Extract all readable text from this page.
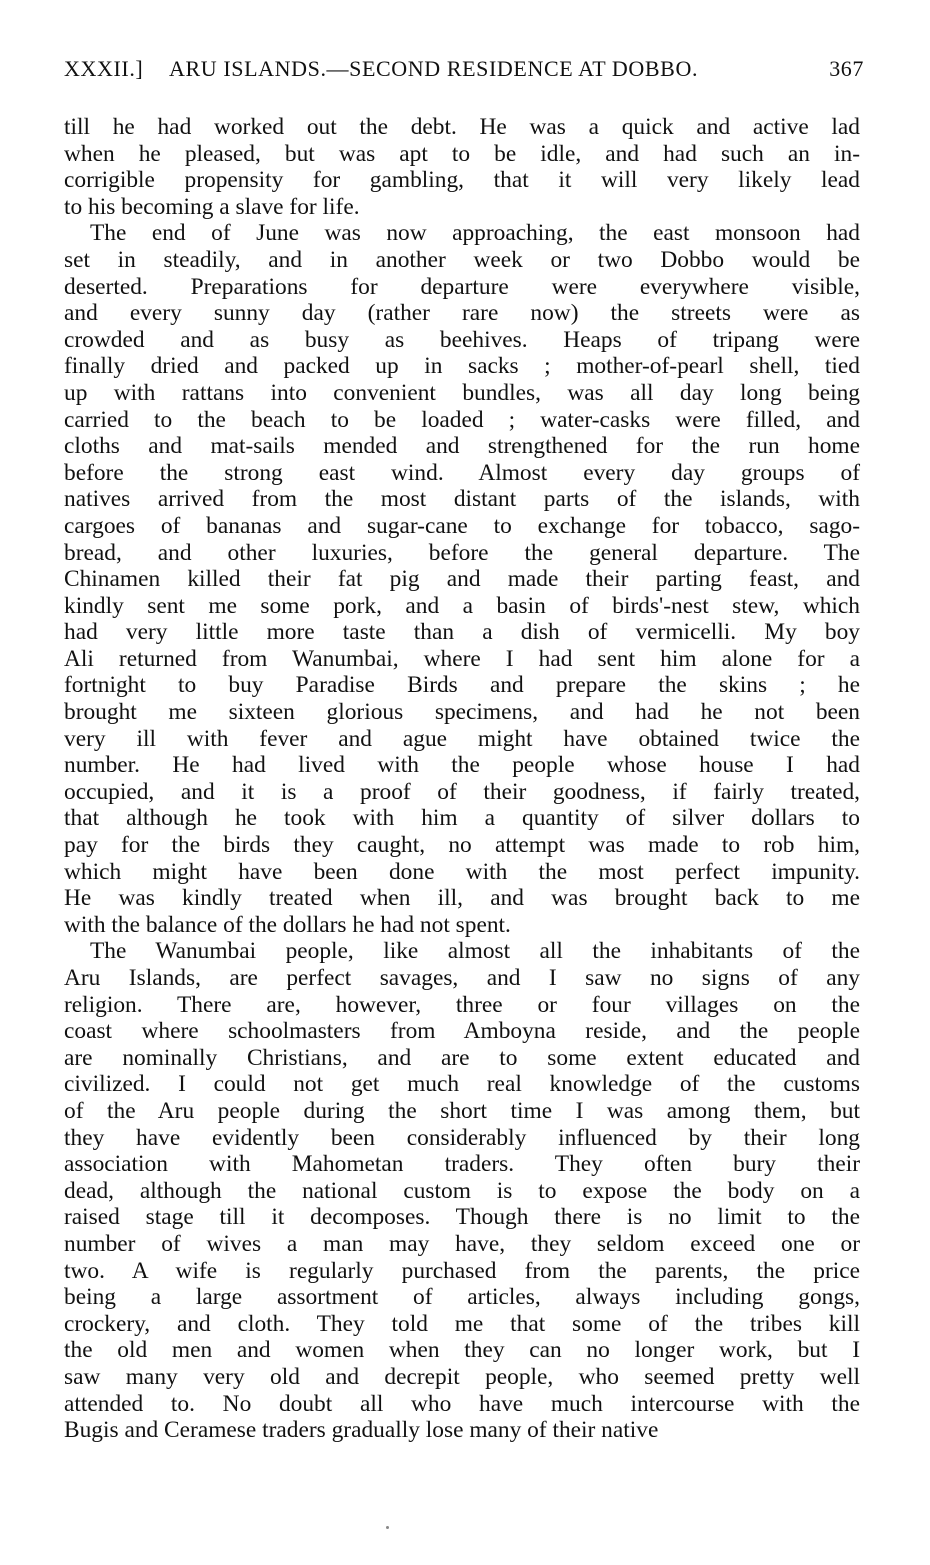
XXXII.] ARU ISLANDS.—SECOND RESIDENCE AT DOBBO.	367
till he had worked out the debt. He was a quick and active lad
when he pleased, but was apt to be idle, and had such an in-
corrigible propensity for gambling, that it will very likely lead
to his becoming a slave for life.
The end of June was now approaching, the east monsoon had
set in steadily, and in another week or two Dobbo would be
deserted. Preparations for departure were everywhere visible,
and every sunny day (rather rare now) the streets were as
crowded and as busy as beehives. Heaps of tripang were
finally dried and packed up in sacks ; mother-of-pearl shell, tied
up with rattans into convenient bundles, was all day long being
carried to the beach to be loaded ; water-casks were filled, and
cloths and mat-sails mended and strengthened for the run home
before the strong east wind. Almost every day groups of
natives arrived from the most distant parts of the islands, with
cargoes of bananas and sugar-cane to exchange for tobacco, sago-
bread, and other luxuries, before the general departure. The
Chinamen killed their fat pig and made their parting feast, and
kindly sent me some pork, and a basin of birds'-nest stew, which
had very little more taste than a dish of vermicelli. My boy
Ali returned from Wanumbai, where I had sent him alone for a
fortnight to buy Paradise Birds and prepare the skins ; he
brought me sixteen glorious specimens, and had he not been
very ill with fever and ague might have obtained twice the
number. He had lived with the people whose house I had
occupied, and it is a proof of their goodness, if fairly treated,
that although he took with him a quantity of silver dollars to
pay for the birds they caught, no attempt was made to rob him,
which might have been done with the most perfect impunity.
He was kindly treated when ill, and was brought back to me
with the balance of the dollars he had not spent.
The Wanumbai people, like almost all the inhabitants of the
Aru Islands, are perfect savages, and I saw no signs of any
religion. There are, however, three or four villages on the
coast where schoolmasters from Amboyna reside, and the people
are nominally Christians, and are to some extent educated and
civilized. I could not get much real knowledge of the customs
of the Aru people during the short time I was among them, but
they have evidently been considerably influenced by their long
association with Mahometan traders. They often bury their
dead, although the national custom is to expose the body on a
raised stage till it decomposes. Though there is no limit to the
number of wives a man may have, they seldom exceed one or
two. A wife is regularly purchased from the parents, the price
being a large assortment of articles, always including gongs,
crockery, and cloth. They told me that some of the tribes kill
the old men and women when they can no longer work, but I
saw many very old and decrepit people, who seemed pretty well
attended to. No doubt all who have much intercourse with the
Bugis and Ceramese traders gradually lose many of their native
